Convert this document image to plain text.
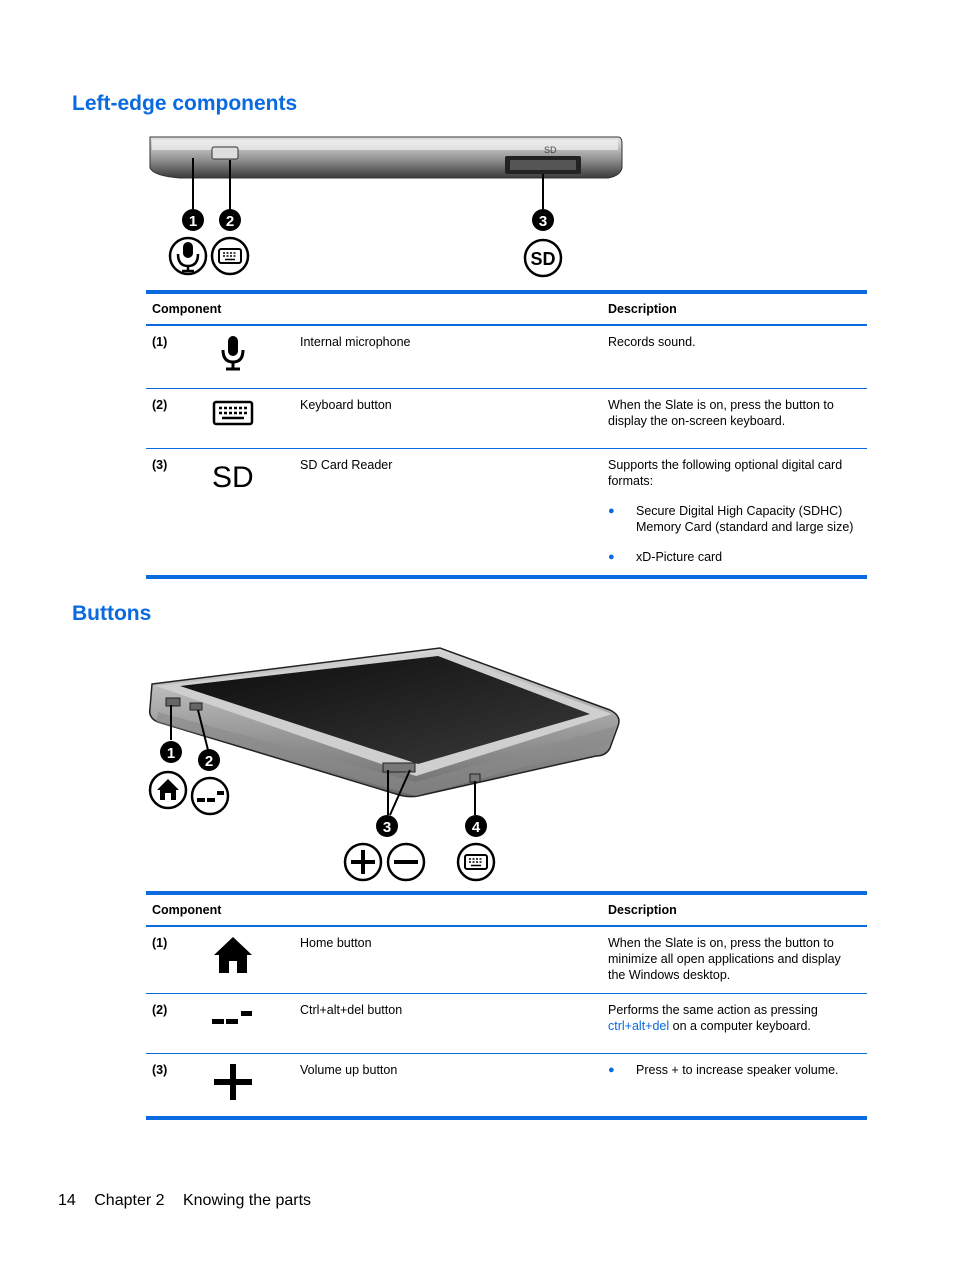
Left-edge components
SD
1 2	3
SD
Component			Description
(1)		Internal microphone	Records sound.
(2)		Keyboard button	When the Slate is on, press the button to display the on-screen keyboard.
(3)	SD	SD Card Reader	Supports the following optional digital card formats:
● Secure Digital High Capacity (SDHC) Memory Card (standard and large size)
● xD-Picture card
Buttons
1 2
3	4
Component			Description
(1)		Home button	When the Slate is on, press the button to minimize all open applications and display the Windows desktop.
(2)		Ctrl+alt+del button	Performs the same action as pressing ctrl+alt+del on a computer keyboard.
(3)		Volume up button	● Press + to increase speaker volume.
14 Chapter 2 Knowing the parts
